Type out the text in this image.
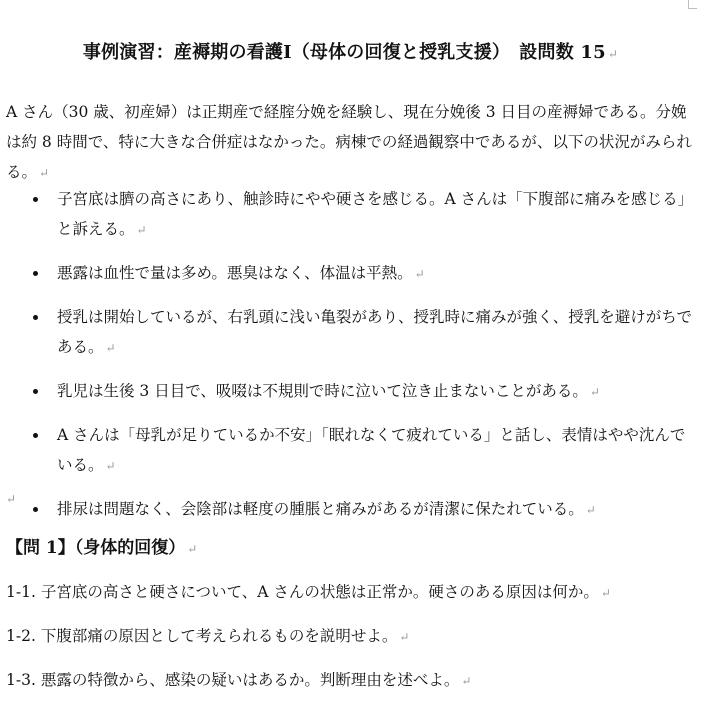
事例演習：産褥期の看護Ⅰ（母体の回復と授乳支援）　設問数 15 ↵
A さん（30 歳、初産婦）は正期産で経腟分娩を経験し、現在分娩後 3 日目の産褥婦である。分娩は約 8 時間で、特に大きな合併症はなかった。病棟での経過観察中であるが、以下の状況がみられる。 ↵
子宮底は臍の高さにあり、触診時にやや硬さを感じる。A さんは「下腹部に痛みを感じる」と訴える。 ↵
悪露は血性で量は多め。悪臭はなく、体温は平熱。 ↵
授乳は開始しているが、右乳頭に浅い亀裂があり、授乳時に痛みが強く、授乳を避けがちである。 ↵
乳児は生後 3 日目で、吸啜は不規則で時に泣いて泣き止まないことがある。 ↵
A さんは「母乳が足りているか不安」「眠れなくて疲れている」と話し、表情はやや沈んでいる。 ↵
排尿は問題なく、会陰部は軽度の腫脹と痛みがあるが清潔に保たれている。 ↵
↵
【問 1】（身体的回復） ↵
1-1. 子宮底の高さと硬さについて、A さんの状態は正常か。硬さのある原因は何か。 ↵
1-2. 下腹部痛の原因として考えられるものを説明せよ。 ↵
1-3. 悪露の特徴から、感染の疑いはあるか。判断理由を述べよ。 ↵
